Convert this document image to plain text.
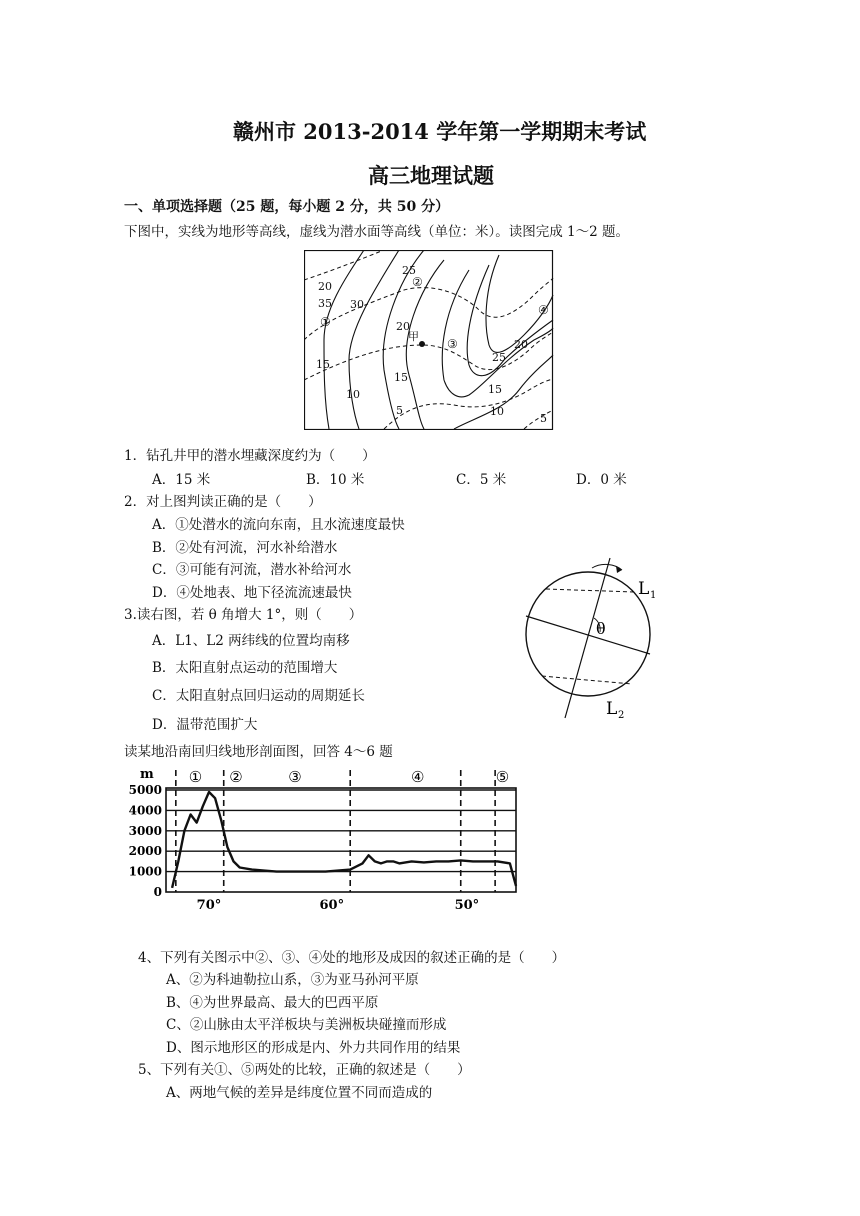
赣州市 2013-2014 学年第一学期期末考试
高三地理试题
一、单项选择题（25 题，每小题 2 分，共 50 分）
下图中，实线为地形等高线，虚线为潜水面等高线（单位：米）。读图完成 1～2 题。
20
35
25
30
20
①
②
③
④
甲
15
15
10
5
25
20
15
10
5
1．钻孔井甲的潜水埋藏深度约为（　　）
A．15 米	B．10 米	C．5 米	D．0 米
2．对上图判读正确的是（　　）
A．①处潜水的流向东南，且水流速度最快
B．②处有河流，河水补给潜水
C．③可能有河流，潜水补给河水
D．④处地表、地下径流流速最快
3.读右图，若 θ 角增大 1°，则（　　）
A．L1、L2 两纬线的位置均南移
B．太阳直射点运动的范围增大
C．太阳直射点回归运动的周期延长
D．温带范围扩大
θ
L 1
L 2
读某地沿南回归线地形剖面图，回答 4～6 题
m
5000
4000
3000
2000
1000
0
① ②	③	④	⑤
70°	60°	50°
4、下列有关图示中②、③、④处的地形及成因的叙述正确的是（　　）
A、②为科迪勒拉山系，③为亚马孙河平原
B、④为世界最高、最大的巴西平原
C、②山脉由太平洋板块与美洲板块碰撞而形成
D、图示地形区的形成是内、外力共同作用的结果
5、下列有关①、⑤两处的比较，正确的叙述是（　　）
A、两地气候的差异是纬度位置不同而造成的
